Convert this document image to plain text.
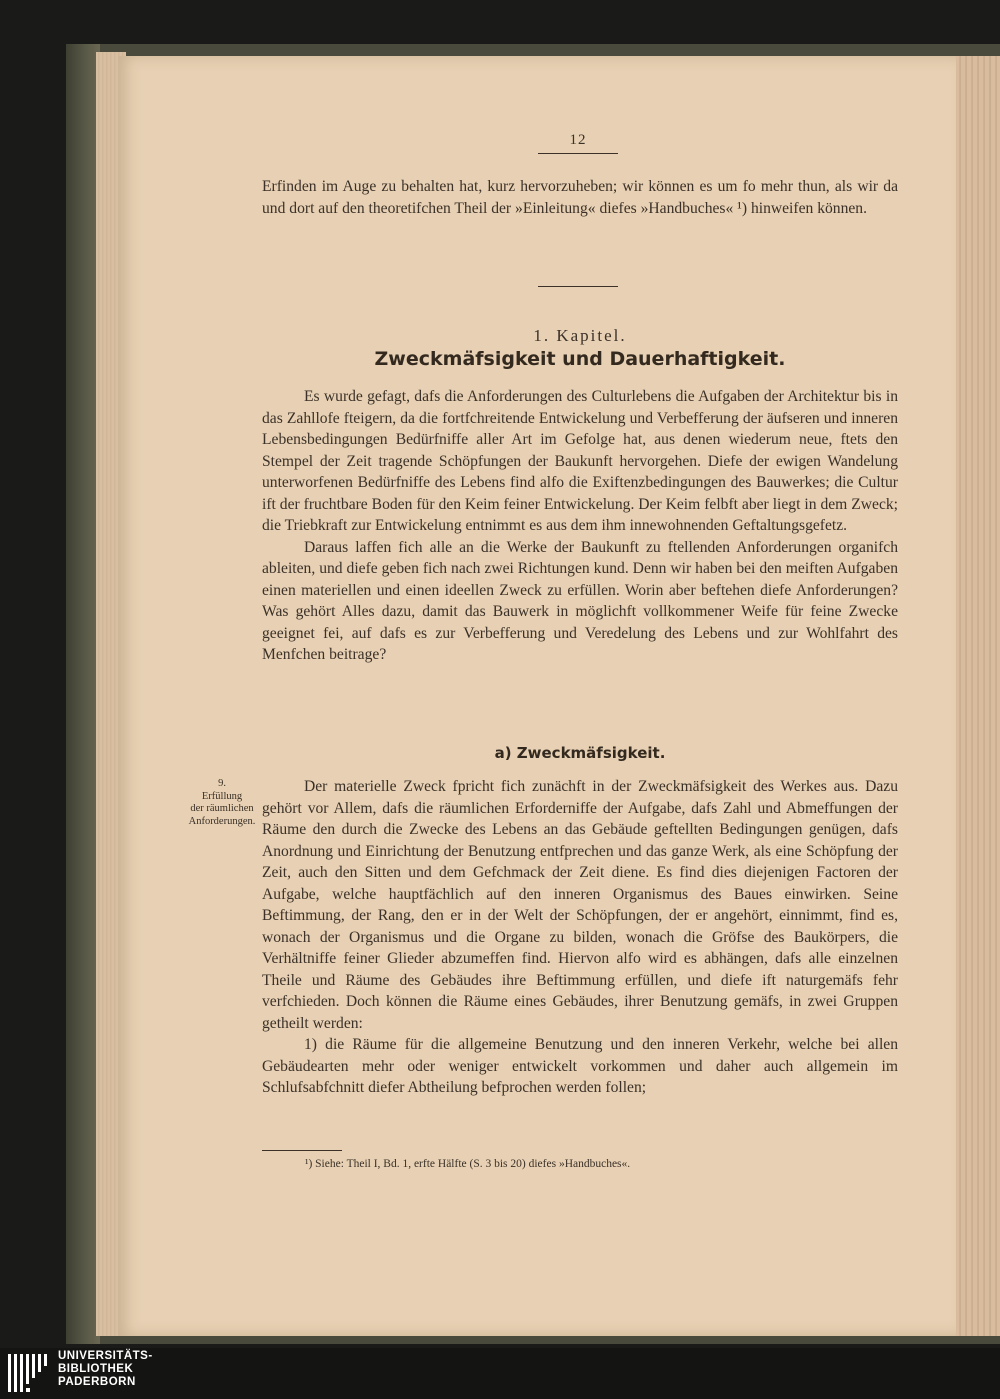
12

Erfinden im Auge zu behalten hat, kurz hervorzuheben; wir können es um fo mehr thun, als wir da und dort auf den theoretifchen Theil der »Einleitung« diefes »Handbuches« ¹) hinweifen können.

1. Kapitel.
Zweckmäfsigkeit und Dauerhaftigkeit.

Es wurde gefagt, dafs die Anforderungen des Culturlebens die Aufgaben der Architektur bis in das Zahllofe fteigern, da die fortfchreitende Entwickelung und Verbefferung der äufseren und inneren Lebensbedingungen Bedürfniffe aller Art im Gefolge hat, aus denen wiederum neue, ftets den Stempel der Zeit tragende Schöpfungen der Baukunft hervorgehen. Diefe der ewigen Wandelung unterworfenen Bedürfniffe des Lebens find alfo die Exiftenzbedingungen des Bauwerkes; die Cultur ift der fruchtbare Boden für den Keim feiner Entwickelung. Der Keim felbft aber liegt in dem Zweck; die Triebkraft zur Entwickelung entnimmt es aus dem ihm innewohnenden Geftaltungsgefetz.

Daraus laffen fich alle an die Werke der Baukunft zu ftellenden Anforderungen organifch ableiten, und diefe geben fich nach zwei Richtungen kund. Denn wir haben bei den meiften Aufgaben einen materiellen und einen ideellen Zweck zu erfüllen. Worin aber beftehen diefe Anforderungen? Was gehört Alles dazu, damit das Bauwerk in möglichft vollkommener Weife für feine Zwecke geeignet fei, auf dafs es zur Verbefferung und Veredelung des Lebens und zur Wohlfahrt des Menfchen beitrage?

a) Zweckmäfsigkeit.
9.
Erfüllung
der räumlichen
Anforderungen.

Der materielle Zweck fpricht fich zunächft in der Zweckmäfsigkeit des Werkes aus. Dazu gehört vor Allem, dafs die räumlichen Erforderniffe der Aufgabe, dafs Zahl und Abmeffungen der Räume den durch die Zwecke des Lebens an das Gebäude geftellten Bedingungen genügen, dafs Anordnung und Einrichtung der Benutzung entfprechen und das ganze Werk, als eine Schöpfung der Zeit, auch den Sitten und dem Gefchmack der Zeit diene. Es find dies diejenigen Factoren der Aufgabe, welche hauptfächlich auf den inneren Organismus des Baues einwirken. Seine Beftimmung, der Rang, den er in der Welt der Schöpfungen, der er angehört, einnimmt, find es, wonach der Organismus und die Organe zu bilden, wonach die Gröfse des Baukörpers, die Verhältniffe feiner Glieder abzumeffen find. Hiervon alfo wird es abhängen, dafs alle einzelnen Theile und Räume des Gebäudes ihre Beftimmung erfüllen, und diefe ift naturgemäfs fehr verfchieden. Doch können die Räume eines Gebäudes, ihrer Benutzung gemäfs, in zwei Gruppen getheilt werden:

1) die Räume für die allgemeine Benutzung und den inneren Verkehr, welche bei allen Gebäudearten mehr oder weniger entwickelt vorkommen und daher auch allgemein im Schlufsabfchnitt diefer Abtheilung befprochen werden follen;

¹) Siehe: Theil I, Bd. 1, erfte Hälfte (S. 3 bis 20) diefes »Handbuches«.
UNIVERSITÄTS-
BIBLIOTHEK
PADERBORN
